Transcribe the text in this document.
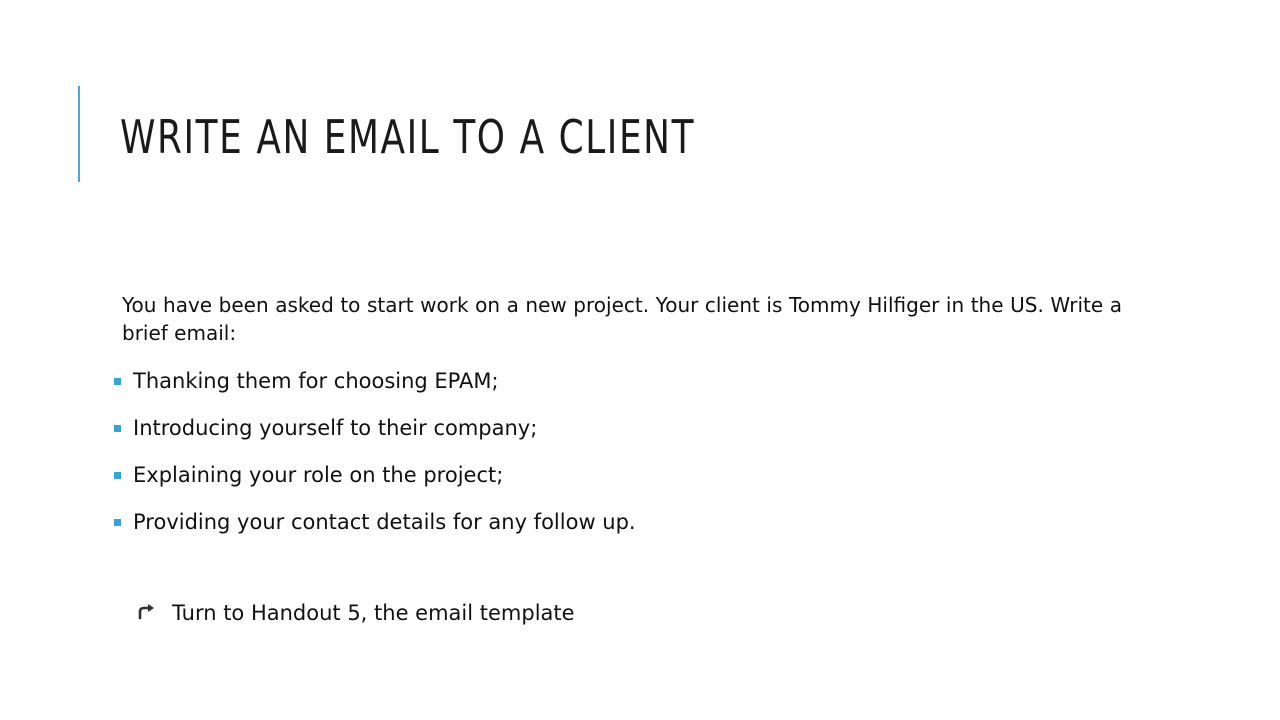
WRITE AN EMAIL TO A CLIENT

You have been asked to start work on a new project. Your client is Tommy Hilfiger in the US. Write a brief email:

Thanking them for choosing EPAM;
Introducing yourself to their company;
Explaining your role on the project;
Providing your contact details for any follow up.
Turn to Handout 5, the email template
